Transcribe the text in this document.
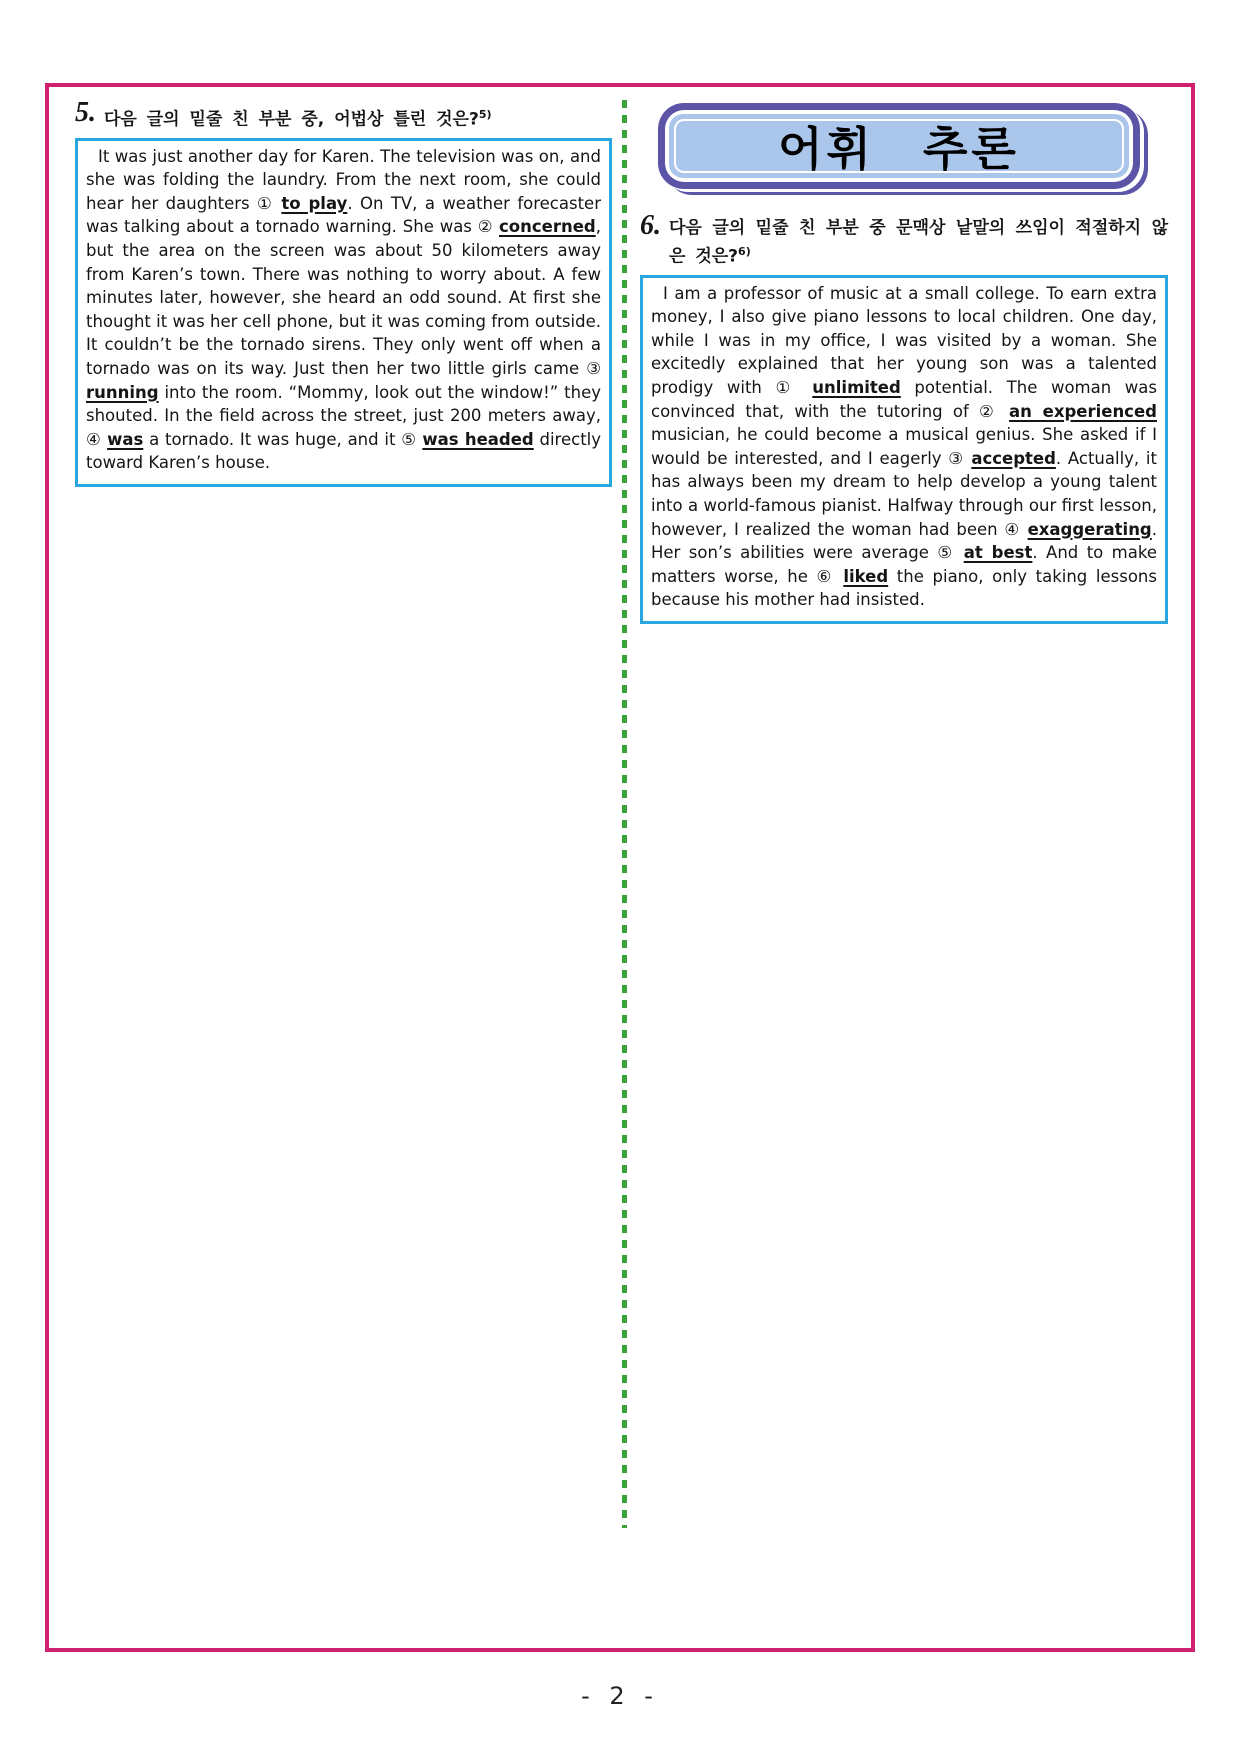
5. 다음 글의 밑줄 친 부분 중, 어법상 틀린 것은?$^{5)}$
It was just another day for Karen. The television was on, and she was folding the laundry. From the next room, she could hear her daughters ① to play. On TV, a weather forecaster was talking about a tornado warning. She was ② concerned, but the area on the screen was about 50 kilometers away from Karen’s town. There was nothing to worry about. A few minutes later, however, she heard an odd sound. At first she thought it was her cell phone, but it was coming from outside. It couldn’t be the tornado sirens. They only went off when a tornado was on its way. Just then her two little girls came ③ running into the room. “Mommy, look out the window!” they shouted. In the field across the street, just 200 meters away, ④ was a tornado. It was huge, and it ⑤ was headed directly toward Karen’s house.
어휘 추론
6. 다음 글의 밑줄 친 부분 중 문맥상 낱말의 쓰임이 적절하지 않은 것은?$^{6)}$
I am a professor of music at a small college. To earn extra money, I also give piano lessons to local children. One day, while I was in my office, I was visited by a woman. She excitedly explained that her young son was a talented prodigy with ① unlimited potential. The woman was convinced that, with the tutoring of ② an experienced musician, he could become a musical genius. She asked if I would be interested, and I eagerly ③ accepted. Actually, it has always been my dream to help develop a young talent into a world-famous pianist. Halfway through our first lesson, however, I realized the woman had been ④ exaggerating. Her son’s abilities were average ⑤ at best. And to make matters worse, he ⑥ liked the piano, only taking lessons because his mother had insisted.
- 2 -
